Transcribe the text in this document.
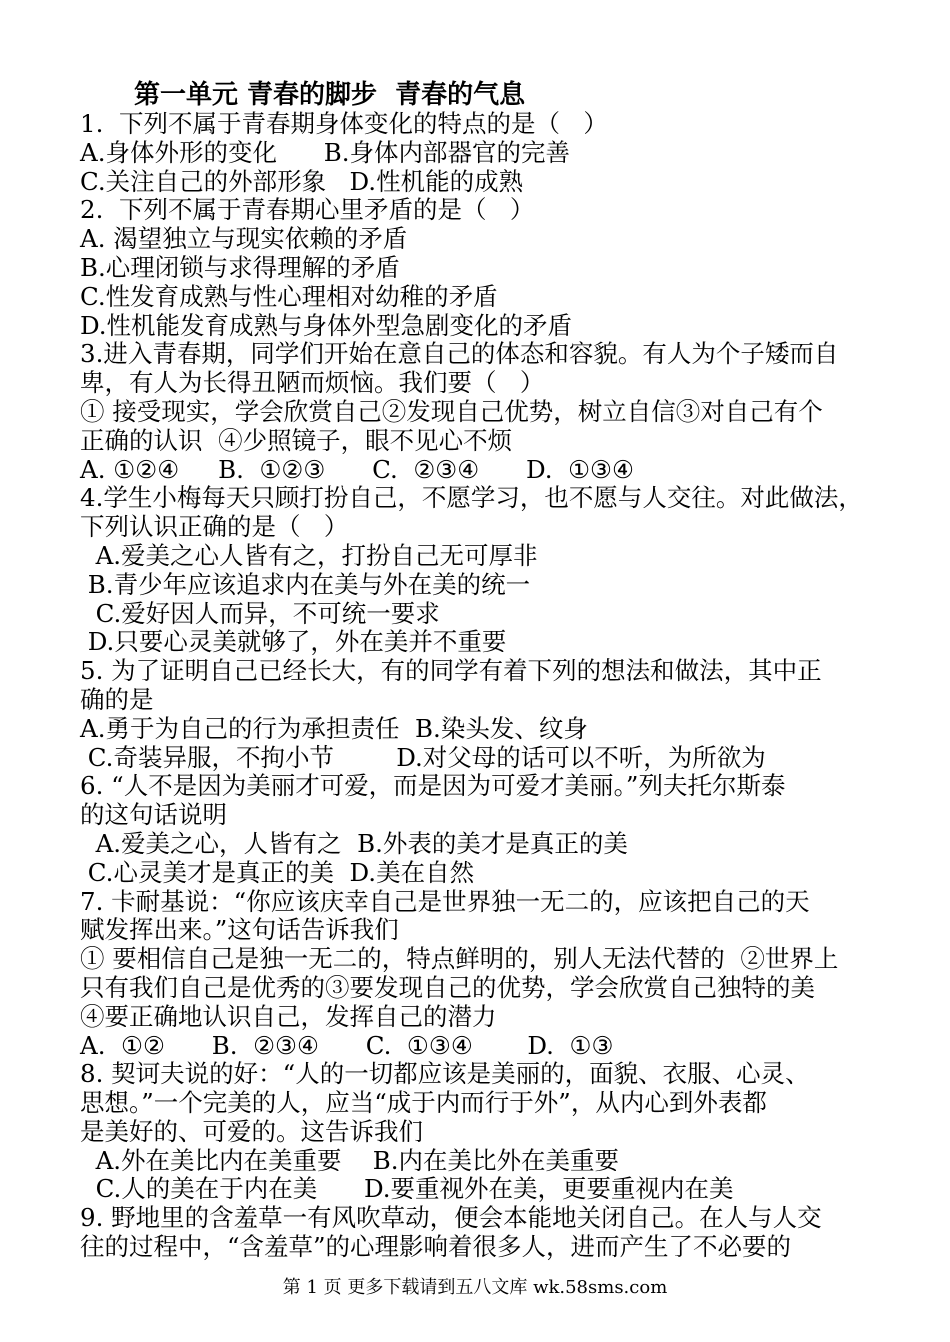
第一单元 青春的脚步  青春的气息
1.  下列不属于青春期身体变化的特点的是（   ）
A.身体外形的变化      B.身体内部器官的完善
C.关注自己的外部形象   D.性机能的成熟
2.  下列不属于青春期心里矛盾的是（   ）
A. 渴望独立与现实依赖的矛盾
B.心理闭锁与求得理解的矛盾
C.性发育成熟与性心理相对幼稚的矛盾
D.性机能发育成熟与身体外型急剧变化的矛盾
3.进入青春期，同学们开始在意自己的体态和容貌。有人为个子矮而自
卑，有人为长得丑陋而烦恼。我们要（   ）
① 接受现实，学会欣赏自己②发现自己优势，树立自信③对自己有个
正确的认识  ④少照镜子，眼不见心不烦
A. ①②④     B.  ①②③      C.  ②③④      D.  ①③④
4.学生小梅每天只顾打扮自己，不愿学习，也不愿与人交往。对此做法，
下列认识正确的是（   ）
A.爱美之心人皆有之，打扮自己无可厚非
B.青少年应该追求内在美与外在美的统一
C.爱好因人而异，不可统一要求
D.只要心灵美就够了，外在美并不重要
5. 为了证明自己已经长大，有的同学有着下列的想法和做法，其中正
确的是
A.勇于为自己的行为承担责任  B.染头发、纹身
C.奇装异服，不拘小节        D.对父母的话可以不听，为所欲为
6. “人不是因为美丽才可爱，而是因为可爱才美丽。”列夫托尔斯泰
的这句话说明
A.爱美之心，人皆有之  B.外表的美才是真正的美
C.心灵美才是真正的美  D.美在自然
7. 卡耐基说：“你应该庆幸自己是世界独一无二的，应该把自己的天
赋发挥出来。”这句话告诉我们
① 要相信自己是独一无二的，特点鲜明的，别人无法代替的  ②世界上
只有我们自己是优秀的③要发现自己的优势，学会欣赏自己独特的美
④要正确地认识自己，发挥自己的潜力
A.  ①②      B.  ②③④      C.  ①③④       D.  ①③
8. 契诃夫说的好：“人的一切都应该是美丽的，面貌、衣服、心灵、
思想。”一个完美的人，应当“成于内而行于外”，从内心到外表都
是美好的、可爱的。这告诉我们
A.外在美比内在美重要    B.内在美比外在美重要
C.人的美在于内在美      D.要重视外在美，更要重视内在美
9. 野地里的含羞草一有风吹草动，便会本能地关闭自己。在人与人交
往的过程中，“含羞草”的心理影响着很多人，进而产生了不必要的
第 1 页 更多下载请到五八文库 wk.58sms.com
